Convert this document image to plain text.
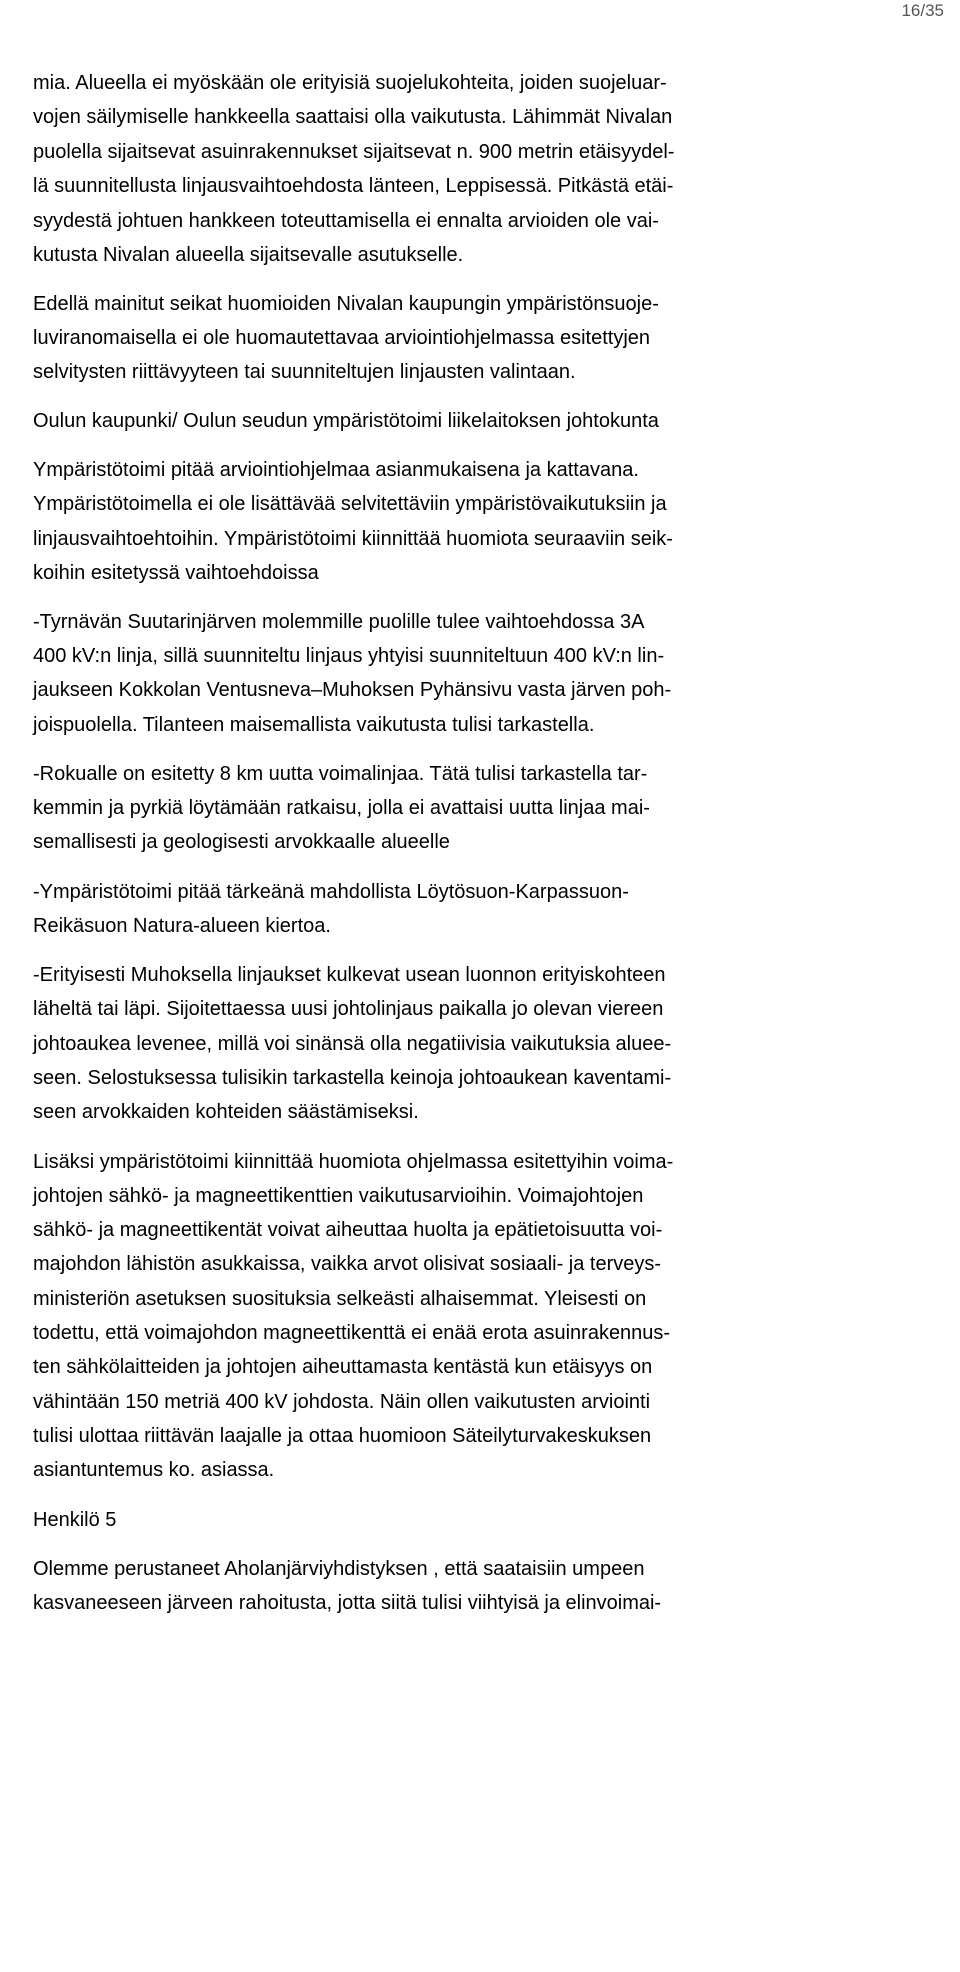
16/35
mia. Alueella ei myöskään ole erityisiä suojelukohteita, joiden suojeluar-
vojen säilymiselle hankkeella saattaisi olla vaikutusta. Lähimmät Nivalan
puolella sijaitsevat asuinrakennukset sijaitsevat n. 900 metrin etäisyydel-
lä suunnitellusta linjausvaihtoehdosta länteen, Leppisessä. Pitkästä etäi-
syydestä johtuen hankkeen toteuttamisella ei ennalta arvioiden ole vai-
kutusta Nivalan alueella sijaitsevalle asutukselle.
Edellä mainitut seikat huomioiden Nivalan kaupungin ympäristönsuoje-
luviranomaisella ei ole huomautettavaa arviointiohjelmassa esitettyjen
selvitysten riittävyyteen tai suunniteltujen linjausten valintaan.
Oulun kaupunki/ Oulun seudun ympäristötoimi liikelaitoksen johtokunta
Ympäristötoimi pitää arviointiohjelmaa asianmukaisena ja kattavana.
Ympäristötoimella ei ole lisättävää selvitettäviin ympäristövaikutuksiin ja
linjausvaihtoehtoihin. Ympäristötoimi kiinnittää huomiota seuraaviin seik-
koihin esitetyssä vaihtoehdoissa
-Tyrnävän Suutarinjärven molemmille puolille tulee vaihtoehdossa 3A
400 kV:n linja, sillä suunniteltu linjaus yhtyisi suunniteltuun 400 kV:n lin-
jaukseen Kokkolan Ventusneva–Muhoksen Pyhänsivu vasta järven poh-
joispuolella. Tilanteen maisemallista vaikutusta tulisi tarkastella.
-Rokualle on esitetty 8 km uutta voimalinjaa. Tätä tulisi tarkastella tar-
kemmin ja pyrkiä löytämään ratkaisu, jolla ei avattaisi uutta linjaa mai-
semallisesti ja geologisesti arvokkaalle alueelle
-Ympäristötoimi pitää tärkeänä mahdollista Löytösuon-Karpassuon-
Reikäsuon Natura-alueen kiertoa.
-Erityisesti Muhoksella linjaukset kulkevat usean luonnon erityiskohteen
läheltä tai läpi. Sijoitettaessa uusi johtolinjaus paikalla jo olevan viereen
johtoaukea levenee, millä voi sinänsä olla negatiivisia vaikutuksia aluee-
seen. Selostuksessa tulisikin tarkastella keinoja johtoaukean kaventami-
seen arvokkaiden kohteiden säästämiseksi.
Lisäksi ympäristötoimi kiinnittää huomiota ohjelmassa esitettyihin voima-
johtojen sähkö- ja magneettikenttien vaikutusarvioihin. Voimajohtojen
sähkö- ja magneettikentät voivat aiheuttaa huolta ja epätietoisuutta voi-
majohdon lähistön asukkaissa, vaikka arvot olisivat sosiaali- ja terveys-
ministeriön asetuksen suosituksia selkeästi alhaisemmat. Yleisesti on
todettu, että voimajohdon magneettikenttä ei enää erota asuinrakennus-
ten sähkölaitteiden ja johtojen aiheuttamasta kentästä kun etäisyys on
vähintään 150 metriä 400 kV johdosta. Näin ollen vaikutusten arviointi
tulisi ulottaa riittävän laajalle ja ottaa huomioon Säteilyturvakeskuksen
asiantuntemus ko. asiassa.
Henkilö 5
Olemme perustaneet Aholanjärviyhdistyksen , että saataisiin umpeen
kasvaneeseen järveen rahoitusta, jotta siitä tulisi viihtyisä ja elinvoimai-
